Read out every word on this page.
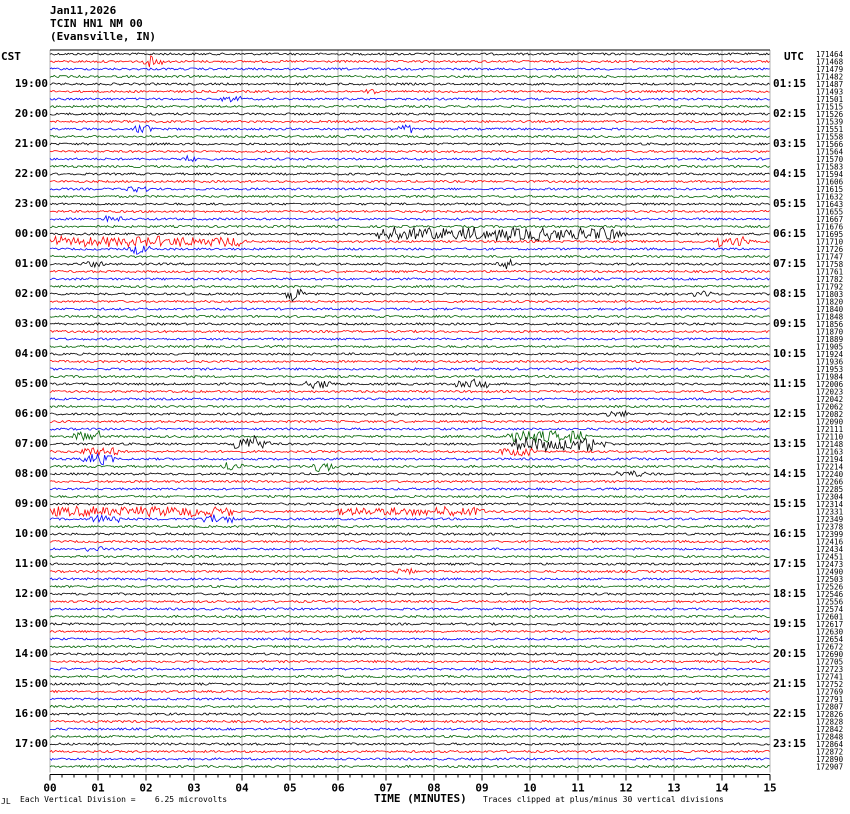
Jan11,2026
TCIN HN1 NM 00
(Evansville, IN)
CST	UTC
00	01	02	03	04	05	06	07	08	09	10	11	12	13	14	15
19:00
20:00
21:00
22:00
23:00
00:00
01:00
02:00
03:00
04:00
05:00
06:00
07:00
08:00
09:00
10:00
11:00
12:00
13:00
14:00
15:00
16:00
17:00
01:15
02:15
03:15
04:15
05:15
06:15
07:15
08:15
09:15
10:15
11:15
12:15
13:15
14:15
15:15
16:15
17:15
18:15
19:15
20:15
21:15
22:15
23:15
171464
171468
171479
171482
171487
171493
171501
171515
171526
171539
171551
171558
171566
171564
171570
171583
171594
171606
171615
171632
171643
171655
171667
171676
171695
171710
171726
171747
171758
171761
171782
171792
171803
171820
171840
171848
171856
171870
171889
171905
171924
171936
171953
171984
172006
172023
172042
172062
172082
172090
172111
172110
172148
172163
172194
172214
172240
172266
172285
172304
172314
172331
172349
172378
172399
172416
172434
172451
172473
172490
172503
172526
172546
172556
172574
172601
172617
172630
172654
172672
172690
172705
172723
172741
172752
172769
172791
172807
172826
172828
172842
172848
172864
172872
172890
172907
JL Each Vertical Division =    6.25 microvolts	TIME (MINUTES) Traces clipped at plus/minus 30 vertical divisions
